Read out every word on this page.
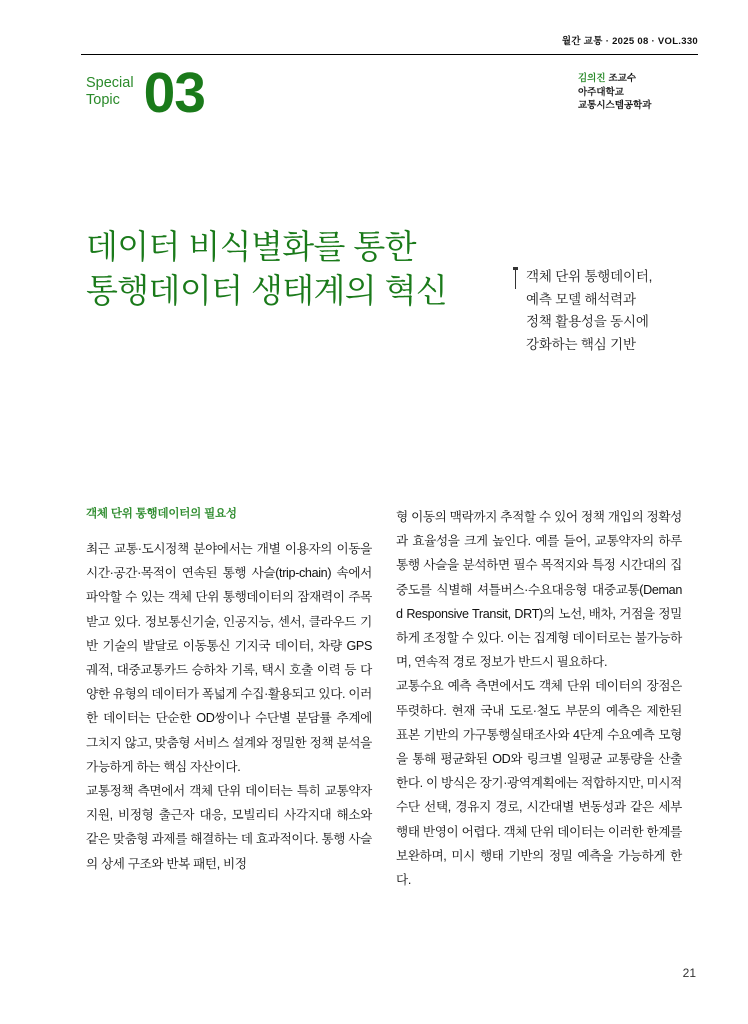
월간 교통 · 2025 08 · VOL.330
Special
Topic 03	김의진 조교수
아주대학교
교통시스템공학과
데이터 비식별화를 통한
통행데이터 생태계의 혁신	객체 단위 통행데이터,
예측 모델 해석력과
정책 활용성을 동시에
강화하는 핵심 기반
객체 단위 통행데이터의 필요성

최근 교통·도시정책 분야에서는 개별 이용자의 이동을 시간·공간·목적이 연속된 통행 사슬(trip-chain) 속에서 파악할 수 있는 객체 단위 통행데이터의 잠재력이 주목받고 있다. 정보통신기술, 인공지능, 센서, 클라우드 기반 기술의 발달로 이동통신 기지국 데이터, 차량 GPS 궤적, 대중교통카드 승하차 기록, 택시 호출 이력 등 다양한 유형의 데이터가 폭넓게 수집·활용되고 있다. 이러한 데이터는 단순한 OD쌍이나 수단별 분담률 추계에 그치지 않고, 맞춤형 서비스 설계와 정밀한 정책 분석을 가능하게 하는 핵심 자산이다.

교통정책 측면에서 객체 단위 데이터는 특히 교통약자 지원, 비정형 출근자 대응, 모빌리티 사각지대 해소와 같은 맞춤형 과제를 해결하는 데 효과적이다. 통행 사슬의 상세 구조와 반복 패턴, 비정

형 이동의 맥락까지 추적할 수 있어 정책 개입의 정확성과 효율성을 크게 높인다. 예를 들어, 교통약자의 하루 통행 사슬을 분석하면 필수 목적지와 특정 시간대의 집중도를 식별해 셔틀버스·수요대응형 대중교통(Demand Responsive Transit, DRT)의 노선, 배차, 거점을 정밀하게 조정할 수 있다. 이는 집계형 데이터로는 불가능하며, 연속적 경로 정보가 반드시 필요하다.

교통수요 예측 측면에서도 객체 단위 데이터의 장점은 뚜렷하다. 현재 국내 도로·철도 부문의 예측은 제한된 표본 기반의 가구통행실태조사와 4단계 수요예측 모형을 통해 평균화된 OD와 링크별 일평균 교통량을 산출한다. 이 방식은 장기·광역계획에는 적합하지만, 미시적 수단 선택, 경유지 경로, 시간대별 변동성과 같은 세부 행태 반영이 어렵다. 객체 단위 데이터는 이러한 한계를 보완하며, 미시 행태 기반의 정밀 예측을 가능하게 한다.

21
